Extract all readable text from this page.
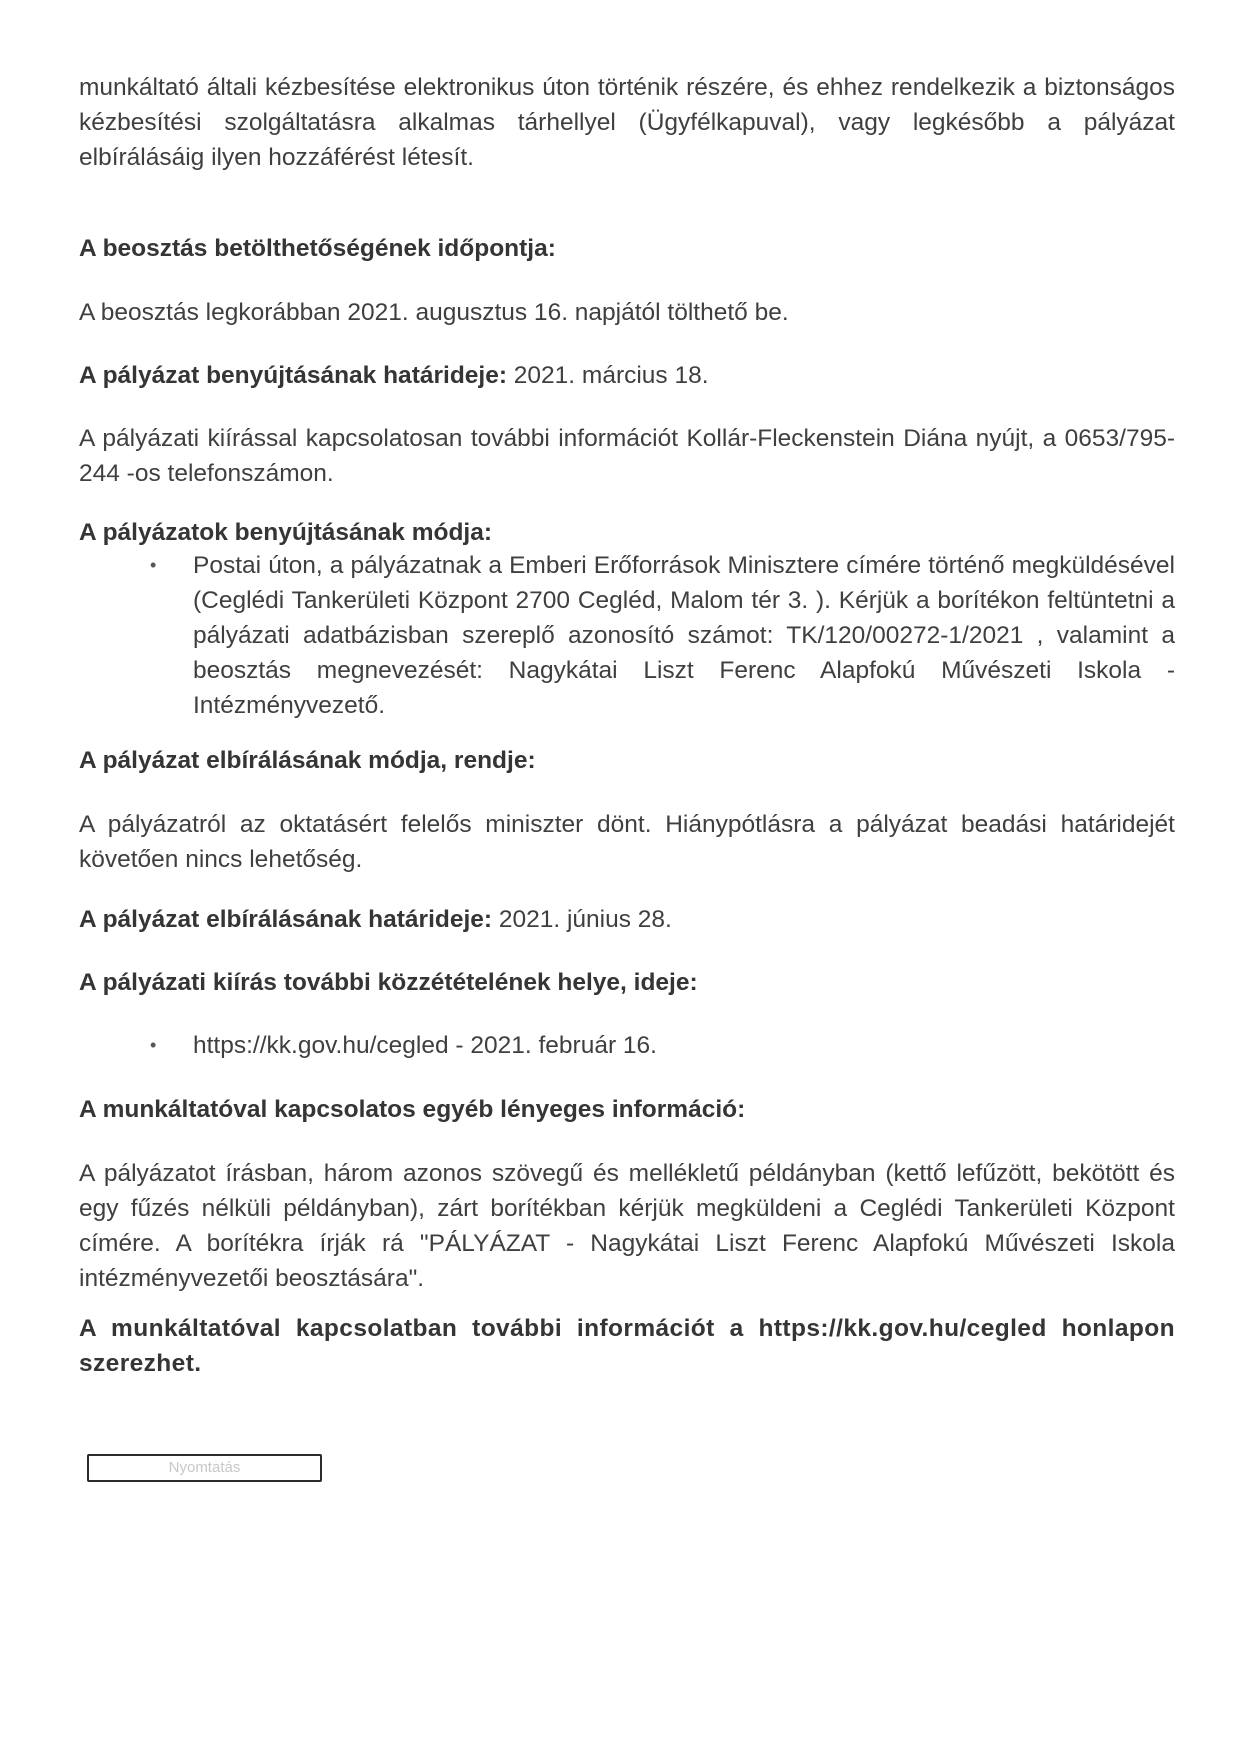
munkáltató általi kézbesítése elektronikus úton történik részére, és ehhez rendelkezik a biztonságos kézbesítési szolgáltatásra alkalmas tárhellyel (Ügyfélkapuval), vagy legkésőbb a pályázat elbírálásáig ilyen hozzáférést létesít.

A beosztás betölthetőségének időpontja:

A beosztás legkorábban 2021. augusztus 16. napjától tölthető be.

A pályázat benyújtásának határideje: 2021. március 18.

A pályázati kiírással kapcsolatosan további információt Kollár-Fleckenstein Diána nyújt, a 0653/795-244 -os telefonszámon.

A pályázatok benyújtásának módja:

• Postai úton, a pályázatnak a Emberi Erőforrások Minisztere címére történő megküldésével (Ceglédi Tankerületi Központ 2700 Cegléd, Malom tér 3. ). Kérjük a borítékon feltüntetni a pályázati adatbázisban szereplő azonosító számot: TK/120/00272-1/2021 , valamint a beosztás megnevezését: Nagykátai Liszt Ferenc Alapfokú Művészeti Iskola - Intézményvezető.

A pályázat elbírálásának módja, rendje:

A pályázatról az oktatásért felelős miniszter dönt. Hiánypótlásra a pályázat beadási határidejét követően nincs lehetőség.

A pályázat elbírálásának határideje: 2021. június 28.

A pályázati kiírás további közzétételének helye, ideje:

• https://kk.gov.hu/cegled - 2021. február 16.

A munkáltatóval kapcsolatos egyéb lényeges információ:

A pályázatot írásban, három azonos szövegű és mellékletű példányban (kettő lefűzött, bekötött és egy fűzés nélküli példányban), zárt borítékban kérjük megküldeni a Ceglédi Tankerületi Központ címére. A borítékra írják rá "PÁLYÁZAT - Nagykátai Liszt Ferenc Alapfokú Művészeti Iskola intézményvezetői beosztására".

A munkáltatóval kapcsolatban további információt a https://kk.gov.hu/cegled honlapon szerezhet.

Nyomtatás
